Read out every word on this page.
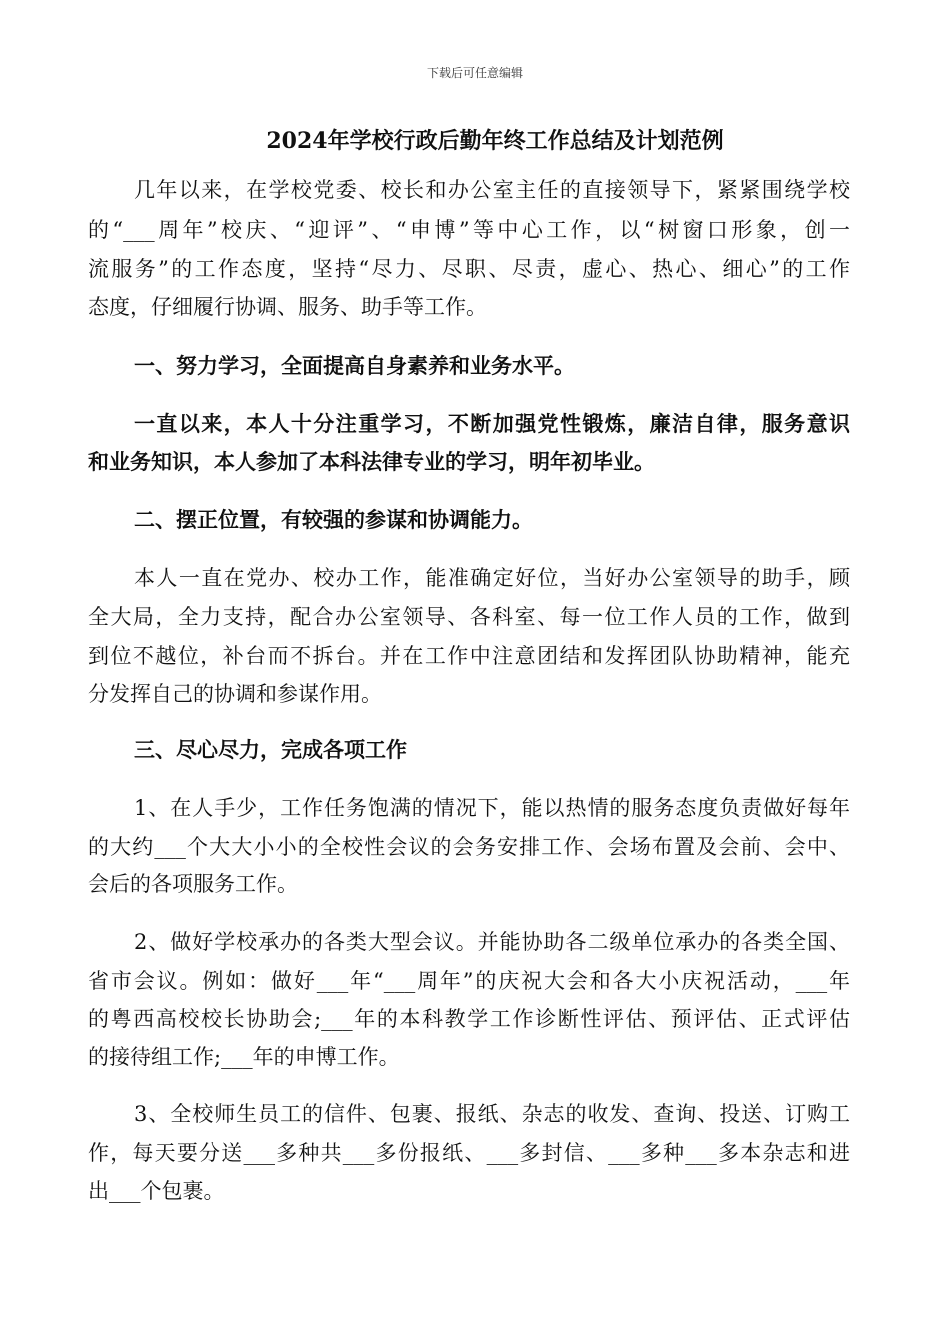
下载后可任意编辑
2024年学校行政后勤年终工作总结及计划范例
几年以来，在学校党委、校长和办公室主任的直接领导下，紧紧围绕学校
的“___周年”校庆、“迎评”、“申博”等中心工作，以“树窗口形象，创一
流服务”的工作态度，坚持“尽力、尽职、尽责，虚心、热心、细心”的工作
态度，仔细履行协调、服务、助手等工作。
一、努力学习，全面提高自身素养和业务水平。
一直以来，本人十分注重学习，不断加强党性锻炼，廉洁自律，服务意识
和业务知识，本人参加了本科法律专业的学习，明年初毕业。
二、摆正位置，有较强的参谋和协调能力。
本人一直在党办、校办工作，能准确定好位，当好办公室领导的助手，顾
全大局，全力支持，配合办公室领导、各科室、每一位工作人员的工作，做到
到位不越位，补台而不拆台。并在工作中注意团结和发挥团队协助精神，能充
分发挥自己的协调和参谋作用。
三、尽心尽力，完成各项工作
1、在人手少，工作任务饱满的情况下，能以热情的服务态度负责做好每年
的大约___个大大小小的全校性会议的会务安排工作、会场布置及会前、会中、
会后的各项服务工作。
2、做好学校承办的各类大型会议。并能协助各二级单位承办的各类全国、
省市会议。例如：做好___年“___周年”的庆祝大会和各大小庆祝活动，___年
的粤西高校校长协助会;___年的本科教学工作诊断性评估、预评估、正式评估
的接待组工作;___年的申博工作。
3、全校师生员工的信件、包裹、报纸、杂志的收发、查询、投送、订购工
作，每天要分送___多种共___多份报纸、___多封信、___多种___多本杂志和进
出___个包裹。
